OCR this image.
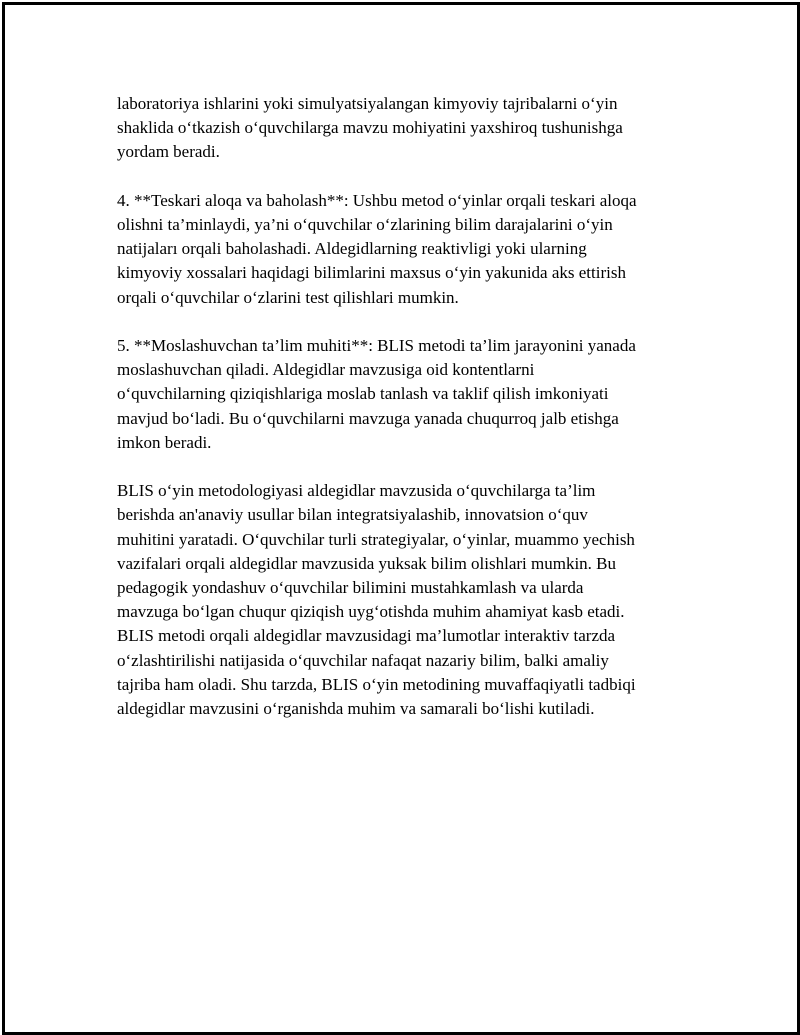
laboratoriya ishlarini yoki simulyatsiyalangan kimyoviy tajribalarni o‘yin
shaklida o‘tkazish o‘quvchilarga mavzu mohiyatini yaxshiroq tushunishga
yordam beradi.

4. **Teskari aloqa va baholash**: Ushbu metod o‘yinlar orqali teskari aloqa
olishni ta’minlaydi, ya’ni o‘quvchilar o‘zlarining bilim darajalarini o‘yin
natijaları orqali baholashadi. Aldegidlarning reaktivligi yoki ularning
kimyoviy xossalari haqidagi bilimlarini maxsus o‘yin yakunida aks ettirish
orqali o‘quvchilar o‘zlarini test qilishlari mumkin.

5. **Moslashuvchan ta’lim muhiti**: BLIS metodi ta’lim jarayonini yanada
moslashuvchan qiladi. Aldegidlar mavzusiga oid kontentlarni
o‘quvchilarning qiziqishlariga moslab tanlash va taklif qilish imkoniyati
mavjud bo‘ladi. Bu o‘quvchilarni mavzuga yanada chuqurroq jalb etishga
imkon beradi.

BLIS o‘yin metodologiyasi aldegidlar mavzusida o‘quvchilarga ta’lim
berishda an'anaviy usullar bilan integratsiyalashib, innovatsion o‘quv
muhitini yaratadi. O‘quvchilar turli strategiyalar, o‘yinlar, muammo yechish
vazifalari orqali aldegidlar mavzusida yuksak bilim olishlari mumkin. Bu
pedagogik yondashuv o‘quvchilar bilimini mustahkamlash va ularda
mavzuga bo‘lgan chuqur qiziqish uyg‘otishda muhim ahamiyat kasb etadi.
BLIS metodi orqali aldegidlar mavzusidagi ma’lumotlar interaktiv tarzda
o‘zlashtirilishi natijasida o‘quvchilar nafaqat nazariy bilim, balki amaliy
tajriba ham oladi. Shu tarzda, BLIS o‘yin metodining muvaffaqiyatli tadbiqi
aldegidlar mavzusini o‘rganishda muhim va samarali bo‘lishi kutiladi.
